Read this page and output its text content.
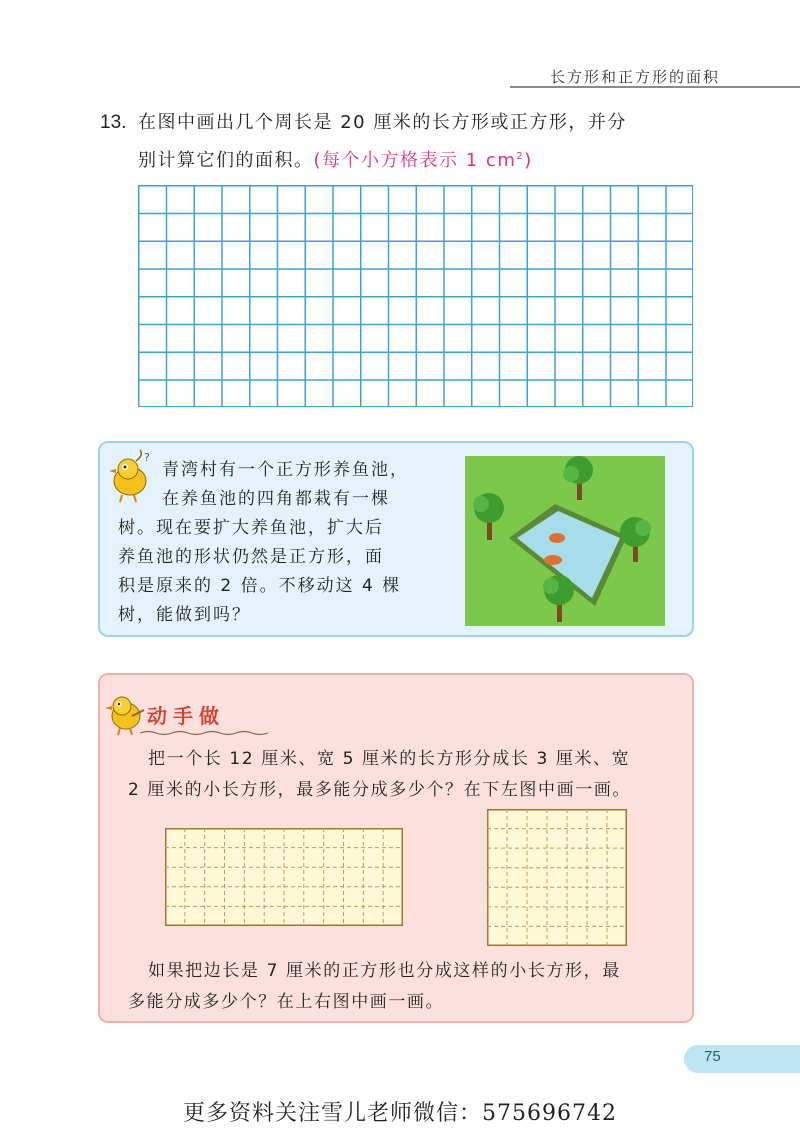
长方形和正方形的面积
13. 在图中画出几个周长是 20 厘米的长方形或正方形，并分
别计算它们的面积。(每个小方格表示 1 $cm^2$)
?
青湾村有一个正方形养鱼池，
在养鱼池的四角都栽有一棵
树。现在要扩大养鱼池，扩大后
养鱼池的形状仍然是正方形，面
积是原来的 2 倍。不移动这 4 棵
树，能做到吗？
动手做
把一个长 12 厘米、宽 5 厘米的长方形分成长 3 厘米、宽
2 厘米的小长方形，最多能分成多少个？在下左图中画一画。
如果把边长是 7 厘米的正方形也分成这样的小长方形，最
多能分成多少个？在上右图中画一画。
75
更多资料关注雪儿老师微信：575696742
